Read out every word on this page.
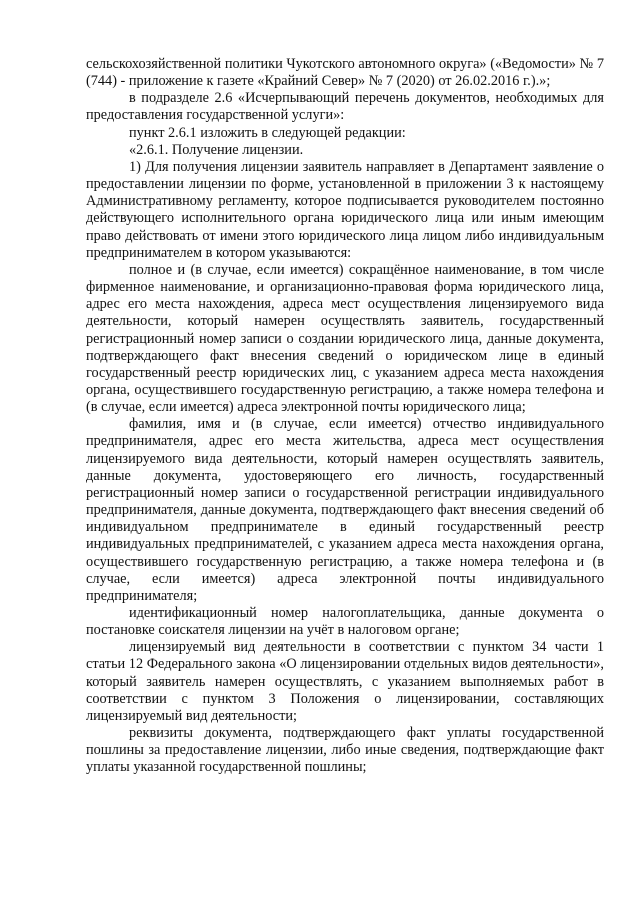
сельскохозяйственной политики Чукотского автономного округа» («Ведомости» № 7 (744) - приложение к газете «Крайний Север» № 7 (2020) от 26.02.2016 г.).»;

в подразделе 2.6 «Исчерпывающий перечень документов, необходимых для предоставления государственной услуги»:

пункт 2.6.1 изложить в следующей редакции:

«2.6.1. Получение лицензии.

1) Для получения лицензии заявитель направляет в Департамент заявление о предоставлении лицензии по форме, установленной в приложении 3 к настоящему Административному регламенту, которое подписывается руководителем постоянно действующего исполнительного органа юридического лица или иным имеющим право действовать от имени этого юридического лица лицом либо индивидуальным предпринимателем в котором указываются:

полное и (в случае, если имеется) сокращённое наименование, в том числе фирменное наименование, и организационно-правовая форма юридического лица, адрес его места нахождения, адреса мест осуществления лицензируемого вида деятельности, который намерен осуществлять заявитель, государственный регистрационный номер записи о создании юридического лица, данные документа, подтверждающего факт внесения сведений о юридическом лице в единый государственный реестр юридических лиц, с указанием адреса места нахождения органа, осуществившего государственную регистрацию, а также номера телефона и (в случае, если имеется) адреса электронной почты юридического лица;

фамилия, имя и (в случае, если имеется) отчество индивидуального предпринимателя, адрес его места жительства, адреса мест осуществления лицензируемого вида деятельности, который намерен осуществлять заявитель, данные документа, удостоверяющего его личность, государственный регистрационный номер записи о государственной регистрации индивидуального предпринимателя, данные документа, подтверждающего факт внесения сведений об индивидуальном предпринимателе в единый государственный реестр индивидуальных предпринимателей, с указанием адреса места нахождения органа, осуществившего государственную регистрацию, а также номера телефона и (в случае, если имеется) адреса электронной почты индивидуального предпринимателя;

идентификационный номер налогоплательщика, данные документа о постановке соискателя лицензии на учёт в налоговом органе;

лицензируемый вид деятельности в соответствии с пунктом 34 части 1 статьи 12 Федерального закона «О лицензировании отдельных видов деятельности», который заявитель намерен осуществлять, с указанием выполняемых работ в соответствии с пунктом 3 Положения о лицензировании, составляющих лицензируемый вид деятельности;

реквизиты документа, подтверждающего факт уплаты государственной пошлины за предоставление лицензии, либо иные сведения, подтверждающие факт уплаты указанной государственной пошлины;
